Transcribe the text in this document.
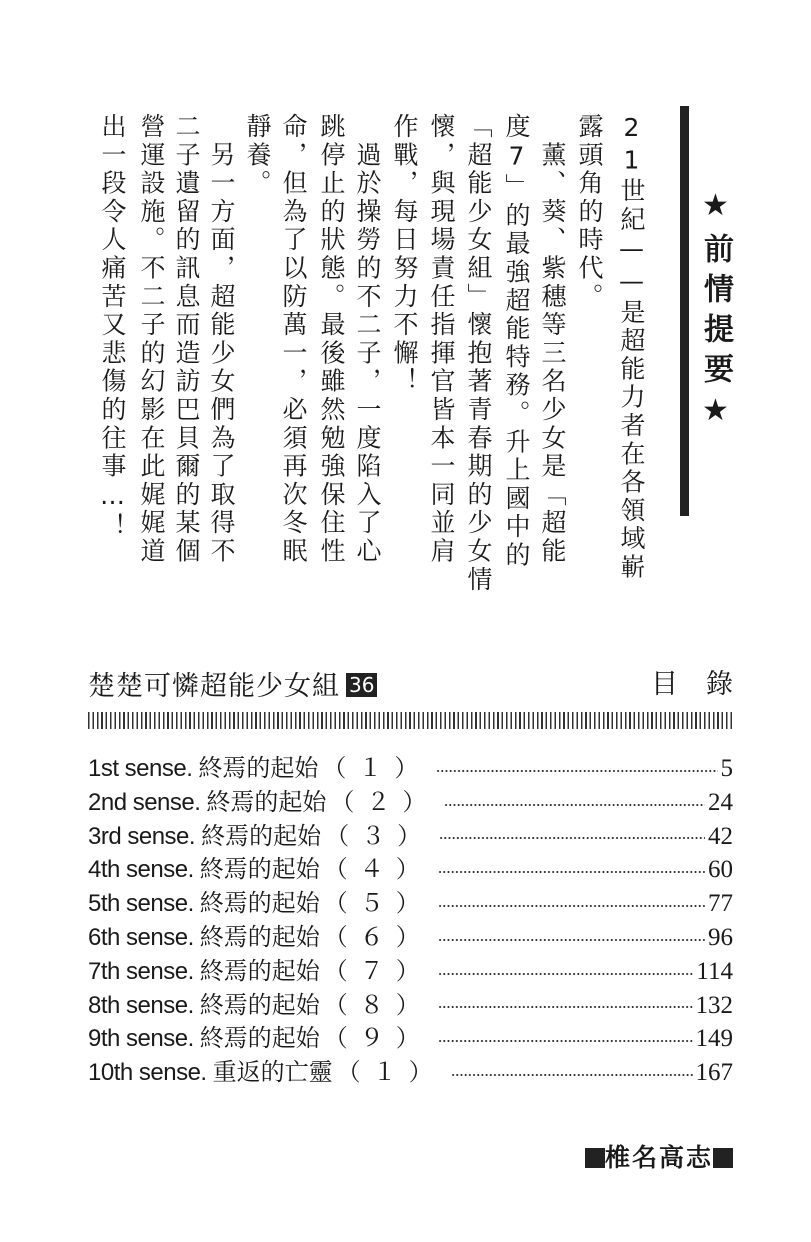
★前情提要★
21世紀——是超能力者在各領域嶄
露頭角的時代。
　薰、葵、紫穗等三名少女是「超能
度7」的最強超能特務。升上國中的
「超能少女組」懷抱著青春期的少女情
懷，與現場責任指揮官皆本一同並肩
作戰，每日努力不懈！
　過於操勞的不二子，一度陷入了心
跳停止的狀態。最後雖然勉強保住性
命，但為了以防萬一，必須再次冬眠
靜養。
　另一方面，超能少女們為了取得不
二子遺留的訊息而造訪巴貝爾的某個
營運設施。不二子的幻影在此娓娓道
出一段令人痛苦又悲傷的往事…！
楚楚可憐超能少女組 36	目錄
1st sense. 終焉的起始 （１）	5
2nd sense. 終焉的起始 （２）	24
3rd sense. 終焉的起始 （３）	42
4th sense. 終焉的起始 （４）	60
5th sense. 終焉的起始 （５）	77
6th sense. 終焉的起始 （６）	96
7th sense. 終焉的起始 （７）	114
8th sense. 終焉的起始 （８）	132
9th sense. 終焉的起始 （９）	149
10th sense. 重返的亡靈 （１）	167
椎名高志
